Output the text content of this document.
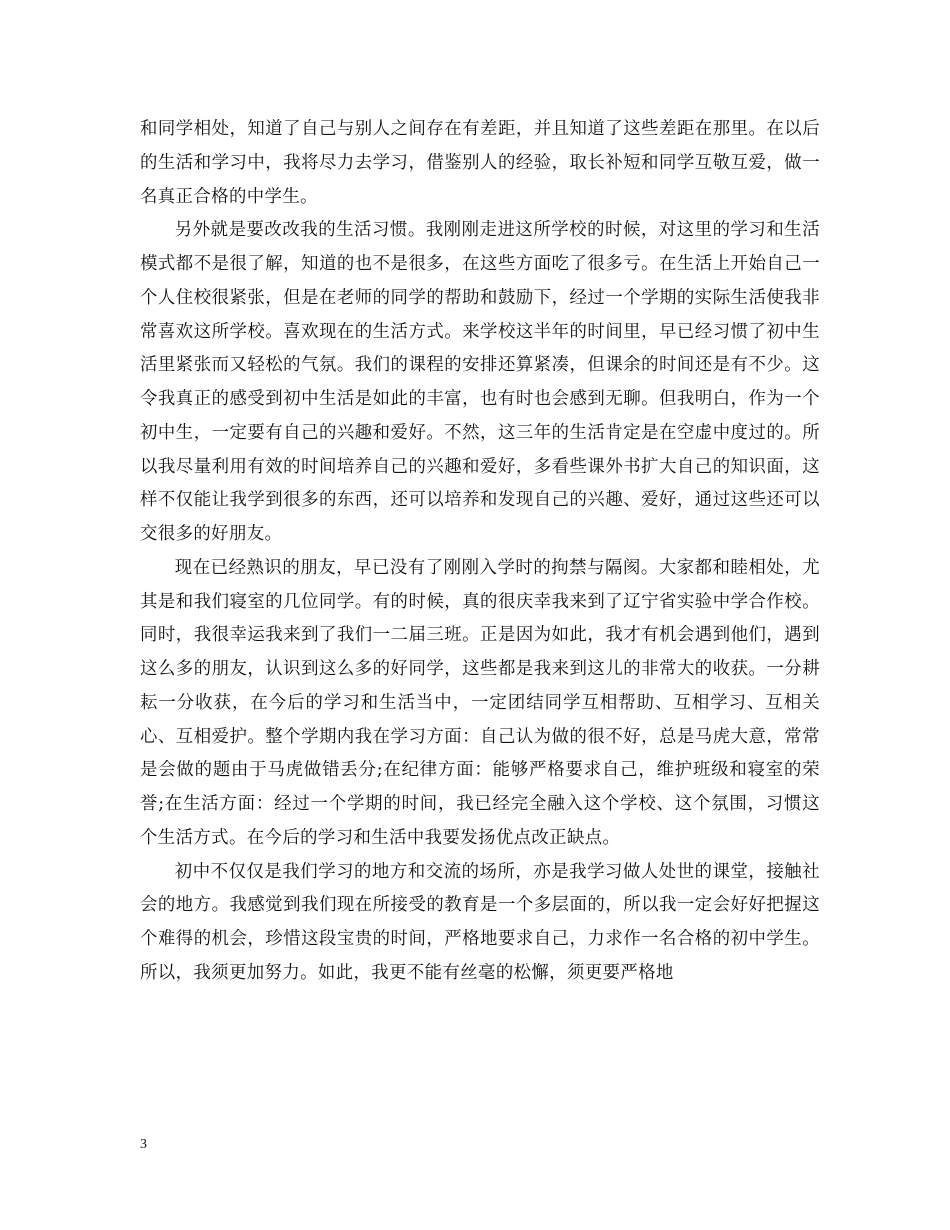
和同学相处，知道了自己与别人之间存在有差距，并且知道了这些差距在那里。在以后的生活和学习中，我将尽力去学习，借鉴别人的经验，取长补短和同学互敬互爱，做一名真正合格的中学生。

另外就是要改改我的生活习惯。我刚刚走进这所学校的时候，对这里的学习和生活模式都不是很了解，知道的也不是很多，在这些方面吃了很多亏。在生活上开始自己一个人住校很紧张，但是在老师的同学的帮助和鼓励下，经过一个学期的实际生活使我非常喜欢这所学校。喜欢现在的生活方式。来学校这半年的时间里，早已经习惯了初中生活里紧张而又轻松的气氛。我们的课程的安排还算紧凑，但课余的时间还是有不少。这令我真正的感受到初中生活是如此的丰富，也有时也会感到无聊。但我明白，作为一个初中生，一定要有自己的兴趣和爱好。不然，这三年的生活肯定是在空虚中度过的。所以我尽量利用有效的时间培养自己的兴趣和爱好，多看些课外书扩大自己的知识面，这样不仅能让我学到很多的东西，还可以培养和发现自己的兴趣、爱好，通过这些还可以交很多的好朋友。

现在已经熟识的朋友，早已没有了刚刚入学时的拘禁与隔阂。大家都和睦相处，尤其是和我们寝室的几位同学。有的时候，真的很庆幸我来到了辽宁省实验中学合作校。同时，我很幸运我来到了我们一二届三班。正是因为如此，我才有机会遇到他们，遇到这么多的朋友，认识到这么多的好同学，这些都是我来到这儿的非常大的收获。一分耕耘一分收获，在今后的学习和生活当中，一定团结同学互相帮助、互相学习、互相关心、互相爱护。整个学期内我在学习方面：自己认为做的很不好，总是马虎大意，常常是会做的题由于马虎做错丢分;在纪律方面：能够严格要求自己，维护班级和寝室的荣誉;在生活方面：经过一个学期的时间，我已经完全融入这个学校、这个氛围，习惯这个生活方式。在今后的学习和生活中我要发扬优点改正缺点。

初中不仅仅是我们学习的地方和交流的场所，亦是我学习做人处世的课堂，接触社会的地方。我感觉到我们现在所接受的教育是一个多层面的，所以我一定会好好把握这个难得的机会，珍惜这段宝贵的时间，严格地要求自己，力求作一名合格的初中学生。所以，我须更加努力。如此，我更不能有丝毫的松懈，须更要严格地

3
